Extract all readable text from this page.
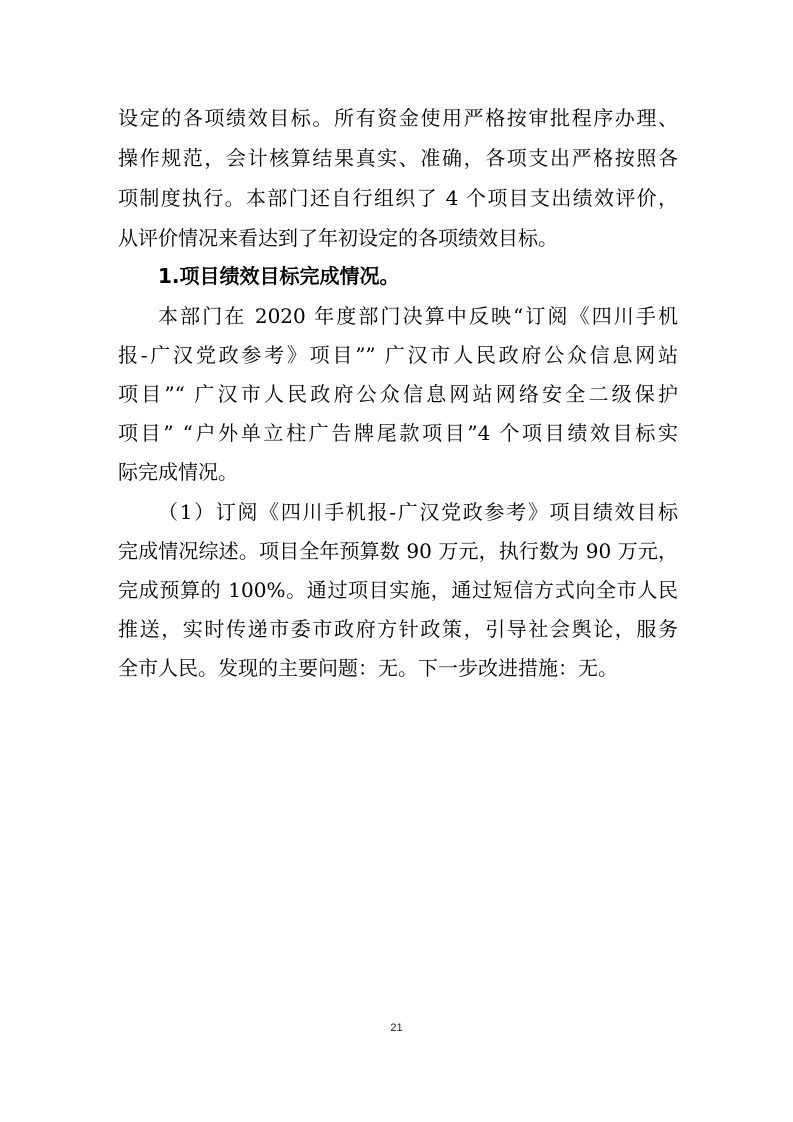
设定的各项绩效目标。所有资金使用严格按审批程序办理、
操作规范，会计核算结果真实、准确，各项支出严格按照各
项制度执行。本部门还自行组织了 4 个项目支出绩效评价，
从评价情况来看达到了年初设定的各项绩效目标。
1.项目绩效目标完成情况。
本部门在 2020 年度部门决算中反映“订阅《四川手机
报-广汉党政参考》项目”” 广汉市人民政府公众信息网站
项目”“ 广汉市人民政府公众信息网站网络安全二级保护
项目” “户外单立柱广告牌尾款项目”4 个项目绩效目标实
际完成情况。
（1）订阅《四川手机报-广汉党政参考》项目绩效目标
完成情况综述。项目全年预算数 90 万元，执行数为 90 万元，
完成预算的 100%。通过项目实施，通过短信方式向全市人民
推送，实时传递市委市政府方针政策，引导社会舆论，服务
全市人民。发现的主要问题：无。下一步改进措施：无。
21
